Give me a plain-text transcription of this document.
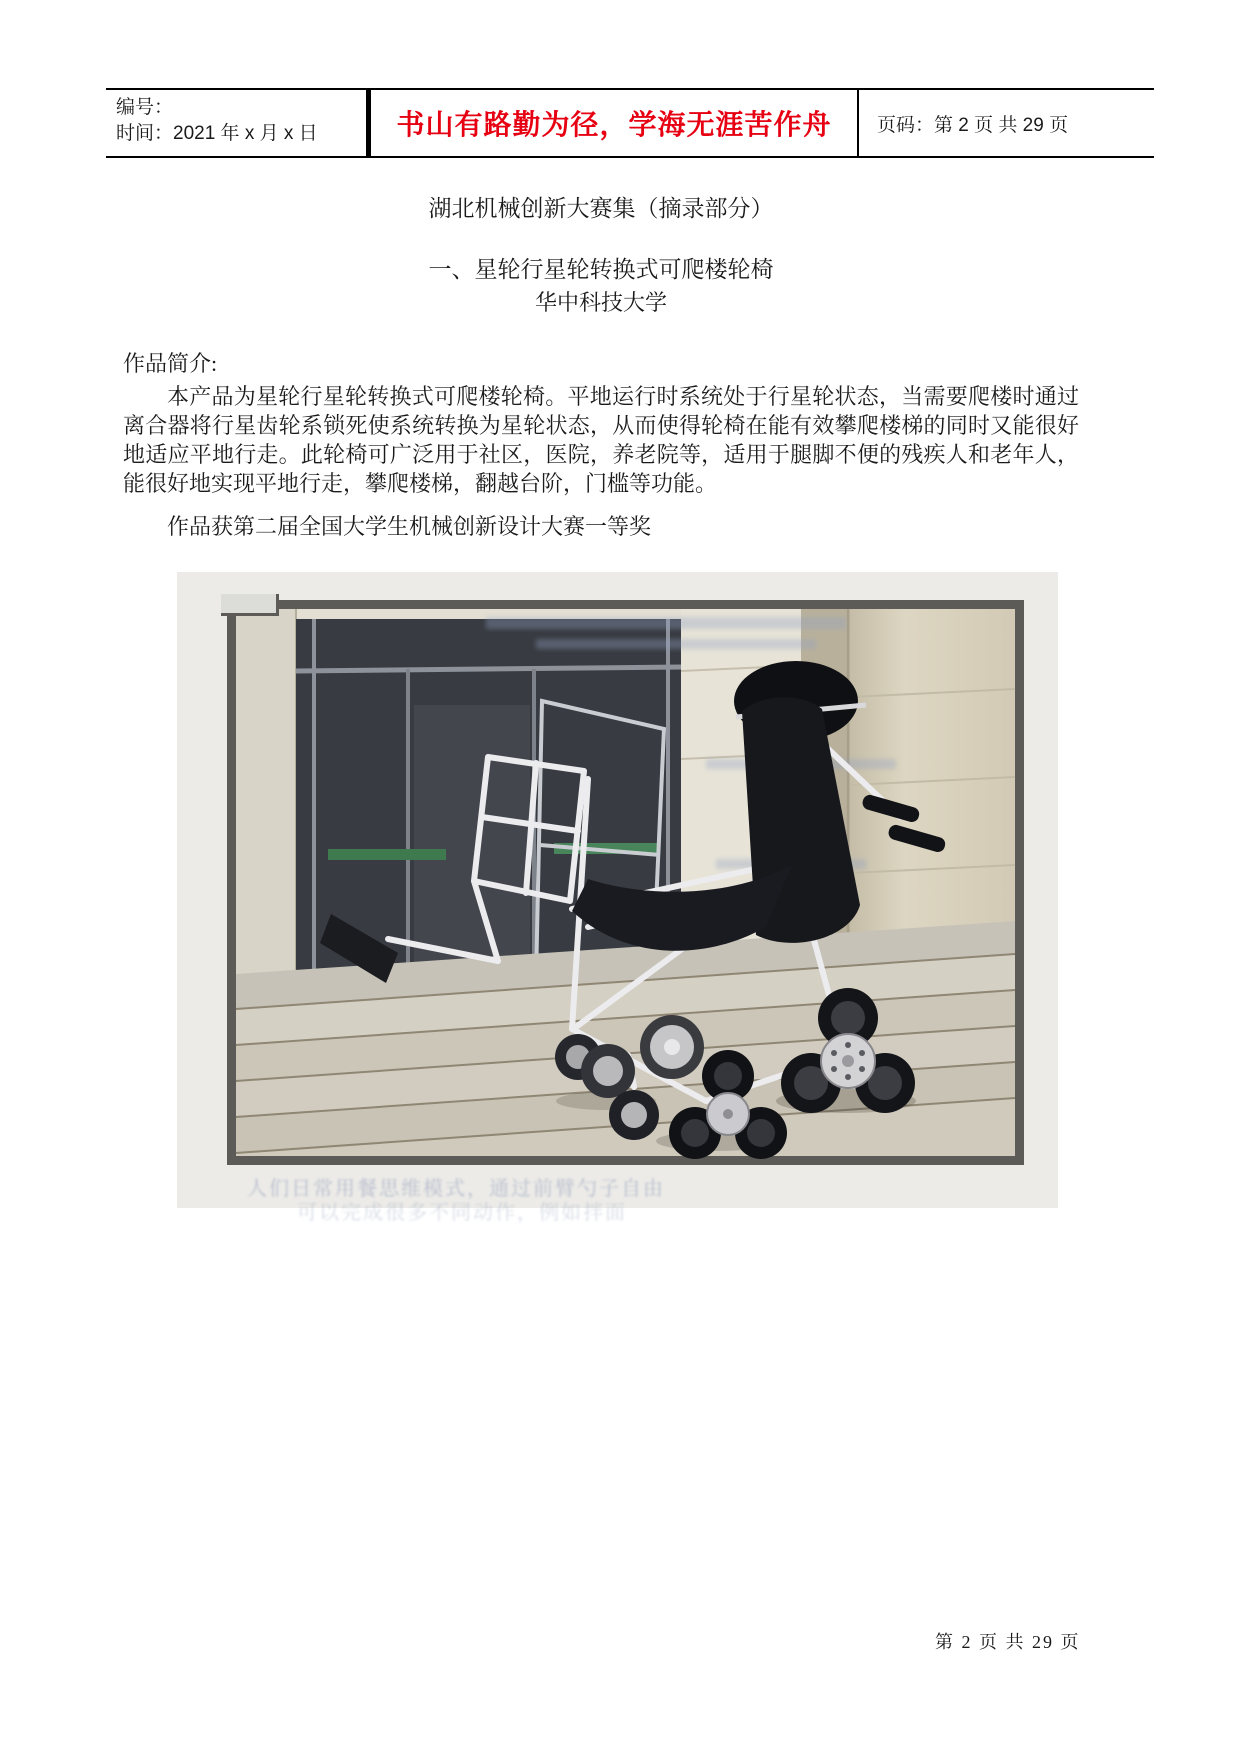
编号：
时间：2021 年 x 月 x 日	书山有路勤为径，学海无涯苦作舟 页码：第 2 页 共 29 页
湖北机械创新大赛集（摘录部分）
一、星轮行星轮转换式可爬楼轮椅
华中科技大学
作品简介:

本产品为星轮行星轮转换式可爬楼轮椅。平地运行时系统处于行星轮状态，当需要爬楼时通过离合器将行星齿轮系锁死使系统转换为星轮状态，从而使得轮椅在能有效攀爬楼梯的同时又能很好地适应平地行走。此轮椅可广泛用于社区，医院，养老院等，适用于腿脚不便的残疾人和老年人，能很好地实现平地行走，攀爬楼梯，翻越台阶，门槛等功能。

作品获第二届全国大学生机械创新设计大赛一等奖

人们日常用餐思维模式，通过前臂勺子自由
可以完成很多不同动作，例如拌面
第 2 页 共 29 页
